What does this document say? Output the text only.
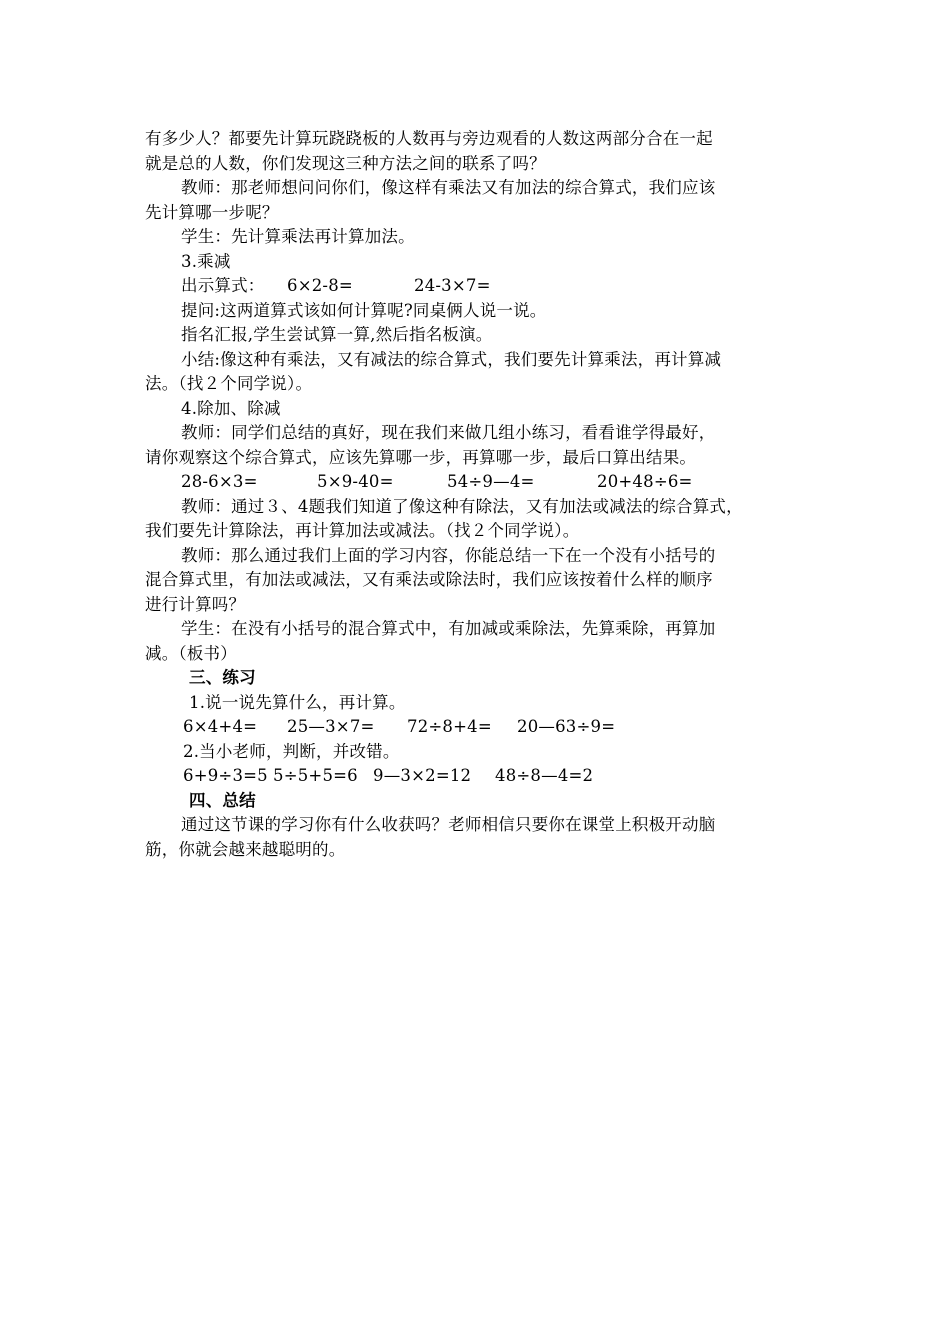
有多少人？都要先计算玩跷跷板的人数再与旁边观看的人数这两部分合在一起
就是总的人数，你们发现这三种方法之间的联系了吗？
教师：那老师想问问你们，像这样有乘法又有加法的综合算式，我们应该
先计算哪一步呢？
学生：先计算乘法再计算加法。
3.乘减
出示算式：	6×2-8=	24-3×7=
提问:这两道算式该如何计算呢?同桌俩人说一说。
指名汇报,学生尝试算一算,然后指名板演。
小结:像这种有乘法，又有减法的综合算式，我们要先计算乘法，再计算减
法。（找２个同学说）。
4.除加、除减
教师：同学们总结的真好，现在我们来做几组小练习，看看谁学得最好，
请你观察这个综合算式，应该先算哪一步，再算哪一步，最后口算出结果。
28-6×3=	5×9-40=	54÷9—4=	20+48÷6=
教师：通过３、4题我们知道了像这种有除法，又有加法或减法的综合算式，
我们要先计算除法，再计算加法或减法。（找２个同学说）。
教师：那么通过我们上面的学习内容，你能总结一下在一个没有小括号的
混合算式里，有加法或减法，又有乘法或除法时，我们应该按着什么样的顺序
进行计算吗？
学生：在没有小括号的混合算式中，有加减或乘除法，先算乘除，再算加
减。（板书）
三、练习
1.说一说先算什么，再计算。
6×4+4=	25—3×7=	72÷8+4=	20—63÷9=
2.当小老师，判断，并改错。
6+9÷3=5 5÷5+5=6 9—3×2=12	48÷8—4=2
四、总结
通过这节课的学习你有什么收获吗？老师相信只要你在课堂上积极开动脑
筋，你就会越来越聪明的。
